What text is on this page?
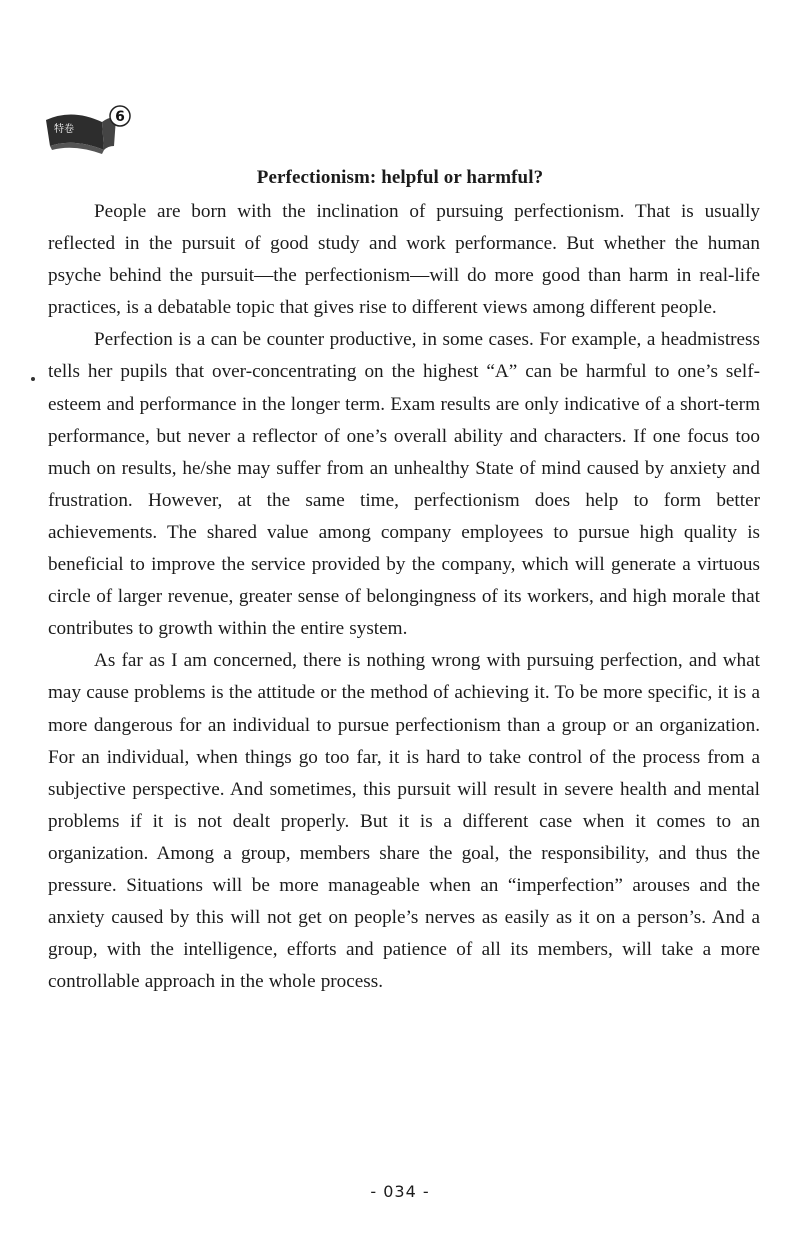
特卷
6
Perfectionism: helpful or harmful?

People are born with the inclination of pursuing perfectionism. That is usually reflected in the pursuit of good study and work performance. But whether the human psyche behind the pursuit—the perfectionism—will do more good than harm in real-life practices, is a debatable topic that gives rise to different views among different people.

Perfection is a can be counter productive, in some cases. For example, a headmistress tells her pupils that over-concentrating on the highest “A” can be harmful to one’s self-esteem and performance in the longer term. Exam results are only indicative of a short-term performance, but never a reflector of one’s overall ability and characters. If one focus too much on results, he/she may suffer from an unhealthy State of mind caused by anxiety and frustration. However, at the same time, perfectionism does help to form better achievements. The shared value among company employees to pursue high quality is beneficial to improve the service provided by the company, which will generate a virtuous circle of larger revenue, greater sense of belongingness of its workers, and high morale that contributes to growth within the entire system.

As far as I am concerned, there is nothing wrong with pursuing perfection, and what may cause problems is the attitude or the method of achieving it. To be more specific, it is a more dangerous for an individual to pursue perfectionism than a group or an organization. For an individual, when things go too far, it is hard to take control of the process from a subjective perspective. And sometimes, this pursuit will result in severe health and mental problems if it is not dealt properly. But it is a different case when it comes to an organization. Among a group, members share the goal, the responsibility, and thus the pressure. Situations will be more manageable when an “imperfection” arouses and the anxiety caused by this will not get on people’s nerves as easily as it on a person’s. And a group, with the intelligence, efforts and patience of all its members, will take a more controllable approach in the whole process.

- 034 -
